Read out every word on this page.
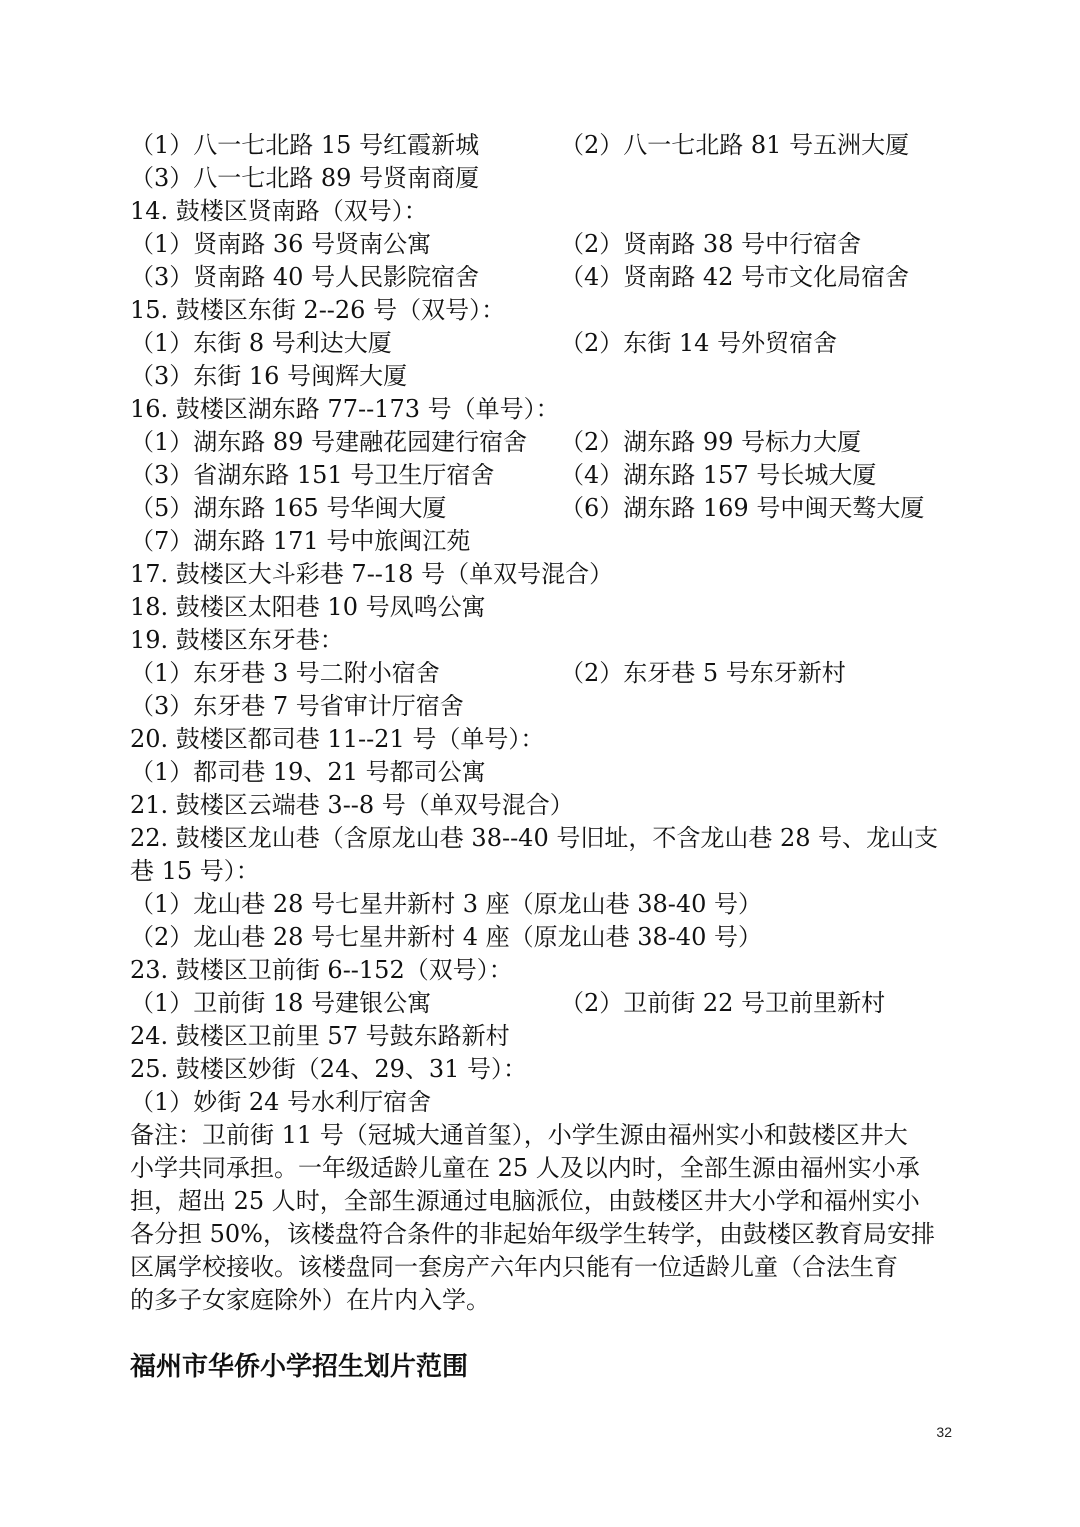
（1）八一七北路 15 号红霞新城	（2）八一七北路 81 号五洲大厦
（3）八一七北路 89 号贤南商厦
14. 鼓楼区贤南路（双号）：
（1）贤南路 36 号贤南公寓	（2）贤南路 38 号中行宿舍
（3）贤南路 40 号人民影院宿舍	（4）贤南路 42 号市文化局宿舍
15. 鼓楼区东街 2--26 号（双号）：
（1）东街 8 号利达大厦	（2）东街 14 号外贸宿舍
（3）东街 16 号闽辉大厦
16. 鼓楼区湖东路 77--173 号（单号）：
（1）湖东路 89 号建融花园建行宿舍 （2）湖东路 99 号标力大厦
（3）省湖东路 151 号卫生厅宿舍	（4）湖东路 157 号长城大厦
（5）湖东路 165 号华闽大厦	（6）湖东路 169 号中闽天骜大厦
（7）湖东路 171 号中旅闽江苑
17. 鼓楼区大斗彩巷 7--18 号（单双号混合）
18. 鼓楼区太阳巷 10 号凤鸣公寓
19. 鼓楼区东牙巷：
（1）东牙巷 3 号二附小宿舍	（2）东牙巷 5 号东牙新村
（3）东牙巷 7 号省审计厅宿舍
20. 鼓楼区都司巷 11--21 号（单号）：
（1）都司巷 19、21 号都司公寓
21. 鼓楼区云端巷 3--8 号（单双号混合）
22. 鼓楼区龙山巷（含原龙山巷 38--40 号旧址，不含龙山巷 28 号、龙山支
巷 15 号）：
（1）龙山巷 28 号七星井新村 3 座（原龙山巷 38-40 号）
（2）龙山巷 28 号七星井新村 4 座（原龙山巷 38-40 号）
23. 鼓楼区卫前街 6--152（双号）：
（1）卫前街 18 号建银公寓	（2）卫前街 22 号卫前里新村
24. 鼓楼区卫前里 57 号鼓东路新村
25. 鼓楼区妙街（24、29、31 号）：
（1）妙街 24 号水利厅宿舍
备注：卫前街 11 号（冠城大通首玺），小学生源由福州实小和鼓楼区井大
小学共同承担。一年级适龄儿童在 25 人及以内时，全部生源由福州实小承
担，超出 25 人时，全部生源通过电脑派位，由鼓楼区井大小学和福州实小
各分担 50%，该楼盘符合条件的非起始年级学生转学，由鼓楼区教育局安排
区属学校接收。该楼盘同一套房产六年内只能有一位适龄儿童（合法生育
的多子女家庭除外）在片内入学。
福州市华侨小学招生划片范围
32
